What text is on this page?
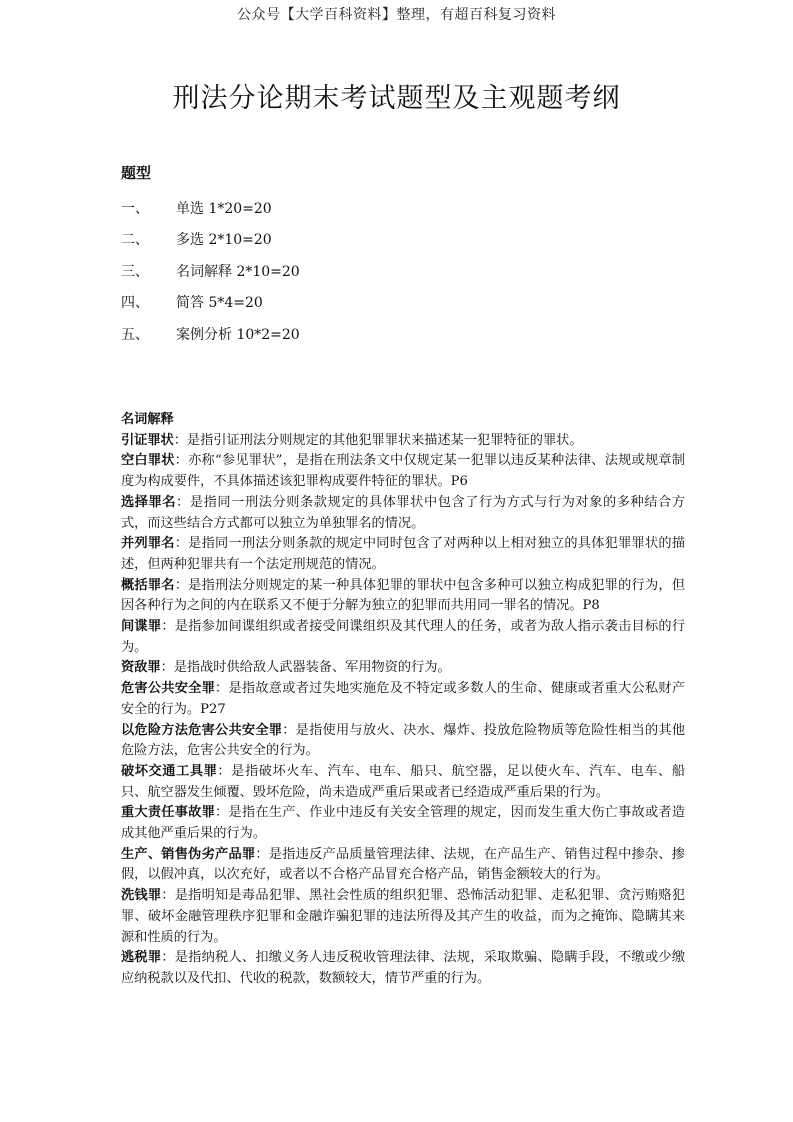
公众号【大学百科资料】整理，有超百科复习资料
刑法分论期末考试题型及主观题考纲
题型
一、	单选 1*20=20
二、	多选 2*10=20
三、	名词解释 2*10=20
四、	简答 5*4=20
五、	案例分析 10*2=20

名词解释

引证罪状：是指引证刑法分则规定的其他犯罪罪状来描述某一犯罪特征的罪状。

空白罪状：亦称“参见罪状”，是指在刑法条文中仅规定某一犯罪以违反某种法律、法规或规章制度为构成要件，不具体描述该犯罪构成要件特征的罪状。P6

选择罪名：是指同一刑法分则条款规定的具体罪状中包含了行为方式与行为对象的多种结合方式，而这些结合方式都可以独立为单独罪名的情况。

并列罪名：是指同一刑法分则条款的规定中同时包含了对两种以上相对独立的具体犯罪罪状的描述，但两种犯罪共有一个法定刑规范的情况。

概括罪名：是指刑法分则规定的某一种具体犯罪的罪状中包含多种可以独立构成犯罪的行为，但因各种行为之间的内在联系又不便于分解为独立的犯罪而共用同一罪名的情况。P8

间谍罪：是指参加间谍组织或者接受间谍组织及其代理人的任务，或者为敌人指示袭击目标的行为。

资敌罪：是指战时供给敌人武器装备、军用物资的行为。

危害公共安全罪：是指故意或者过失地实施危及不特定或多数人的生命、健康或者重大公私财产安全的行为。P27

以危险方法危害公共安全罪：是指使用与放火、决水、爆炸、投放危险物质等危险性相当的其他危险方法，危害公共安全的行为。

破坏交通工具罪：是指破坏火车、汽车、电车、船只、航空器，足以使火车、汽车、电车、船只、航空器发生倾覆、毁坏危险，尚未造成严重后果或者已经造成严重后果的行为。

重大责任事故罪：是指在生产、作业中违反有关安全管理的规定，因而发生重大伤亡事故或者造成其他严重后果的行为。

生产、销售伪劣产品罪：是指违反产品质量管理法律、法规，在产品生产、销售过程中掺杂、掺假，以假冲真，以次充好，或者以不合格产品冒充合格产品，销售金额较大的行为。

洗钱罪：是指明知是毒品犯罪、黑社会性质的组织犯罪、恐怖活动犯罪、走私犯罪、贪污贿赂犯罪、破坏金融管理秩序犯罪和金融诈骗犯罪的违法所得及其产生的收益，而为之掩饰、隐瞒其来源和性质的行为。

逃税罪：是指纳税人、扣缴义务人违反税收管理法律、法规，采取欺骗、隐瞒手段，不缴或少缴应纳税款以及代扣、代收的税款，数额较大，情节严重的行为。
